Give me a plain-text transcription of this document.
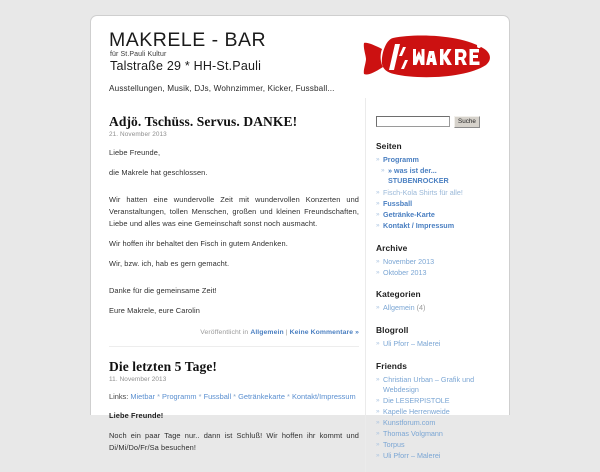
MAKRELE - BAR
für St.Pauli Kultur
Talstraße 29 * HH-St.Pauli
Ausstellungen, Musik, DJs, Wohnzimmer, Kicker, Fussball...
Adjö. Tschüss. Servus. DANKE!
21. November 2013

Liebe Freunde,

die Makrele hat geschlossen.

Wir hatten eine wundervolle Zeit mit wundervollen Konzerten und Veranstaltungen, tollen Menschen, großen und kleinen Freundschaften, Liebe und alles was eine Gemeinschaft sonst noch ausmacht.

Wir hoffen ihr behaltet den Fisch in gutem Andenken.

Wir, bzw. ich, hab es gern gemacht.

Danke für die gemeinsame Zeit!

Eure Makrele, eure Carolin

Veröffentlicht in Allgemein | Keine Kommentare »
Die letzten 5 Tage!
11. November 2013
Links: Mietbar * Programm * Fussball * Getränkekarte * Kontakt/Impressum

Liebe Freunde!

Noch ein paar Tage nur.. dann ist Schluß! Wir hoffen ihr kommt und Di/Mi/Do/Fr/Sa besuchen!

Suche
Seiten
» Programm
» » was ist der... STUBENROCKER
» Fisch-Kola Shirts für alle!
» Fussball
» Getränke-Karte
» Kontakt / Impressum
Archive
» November 2013
» Oktober 2013
Kategorien
» Allgemein (4)
Blogroll
» Uli Pforr – Malerei
Friends
» Christian Urban – Grafik und Webdesign
» Die LESERPISTOLE
» Kapelle Herrenweide
» Kunstforum.com
» Thomas Volgmann
» Torpus
» Uli Pforr – Malerei
